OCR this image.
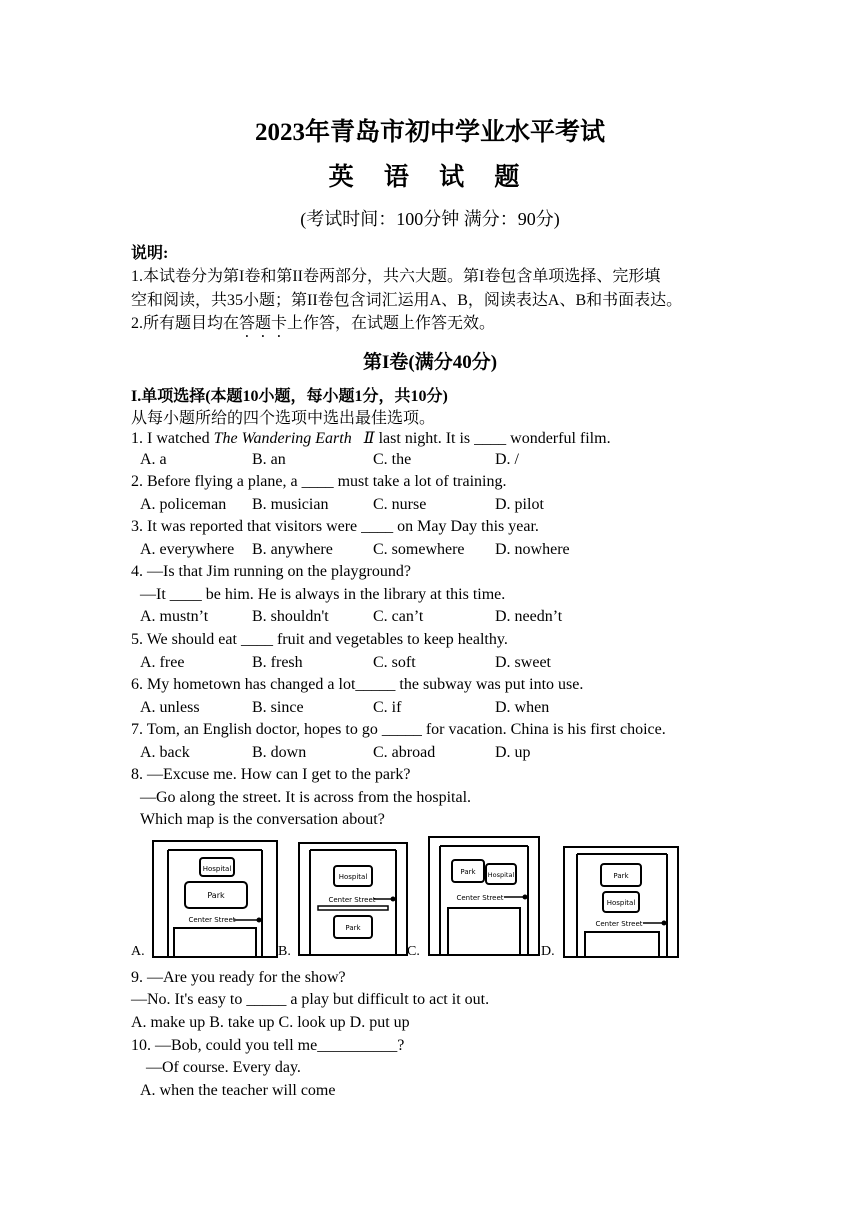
2023年青岛市初中学业水平考试
英 语 试 题
(考试时间：100分钟 满分：90分)
说明:
1.本试卷分为第I卷和第II卷两部分，共六大题。第I卷包含单项选择、完形填
空和阅读，共35小题；第II卷包含词汇运用A、B，阅读表达A、B和书面表达。
2.所有题目均在答题卡上作答，在试题上作答无效。
第I卷(满分40分)
I.单项选择(本题10小题，每小题1分，共10分)
从每小题所给的四个选项中选出最佳选项。
1. I watched The Wandering Earth Ⅱ last night. It is ____ wonderful film.
A. a	B. an	C. the	D. /
2. Before flying a plane, a ____ must take a lot of training.
A. policeman B. musician	C. nurse	D. pilot
3. It was reported that visitors were ____ on May Day this year.
A. everywhere B. anywhere	C. somewhere D. nowhere
4. —Is that Jim running on the playground?
—It ____ be him. He is always in the library at this time.
A. mustn’t	B. shouldn't	C. can’t	D. needn’t
5. We should eat ____ fruit and vegetables to keep healthy.
A. free	B. fresh	C. soft	D. sweet
6. My hometown has changed a lot_____ the subway was put into use.
A. unless	B. since	C. if	D. when
7. Tom, an English doctor, hopes to go _____ for vacation. China is his first choice.
A. back	B. down	C. abroad	D. up
8. —Excuse me. How can I get to the park?
—Go along the street. It is across from the hospital.
Which map is the conversation about?
A.
Hospital
Park
Center Street
B.
Hospital
Center Street
Park
C.
Park Hospital
Center Street
D.
Park
Hospital
Center Street
9. —Are you ready for the show?
—No. It's easy to _____ a play but difficult to act it out.
A. make up B. take up C. look up D. put up
10. —Bob, could you tell me__________?
—Of course. Every day.
A. when the teacher will come
